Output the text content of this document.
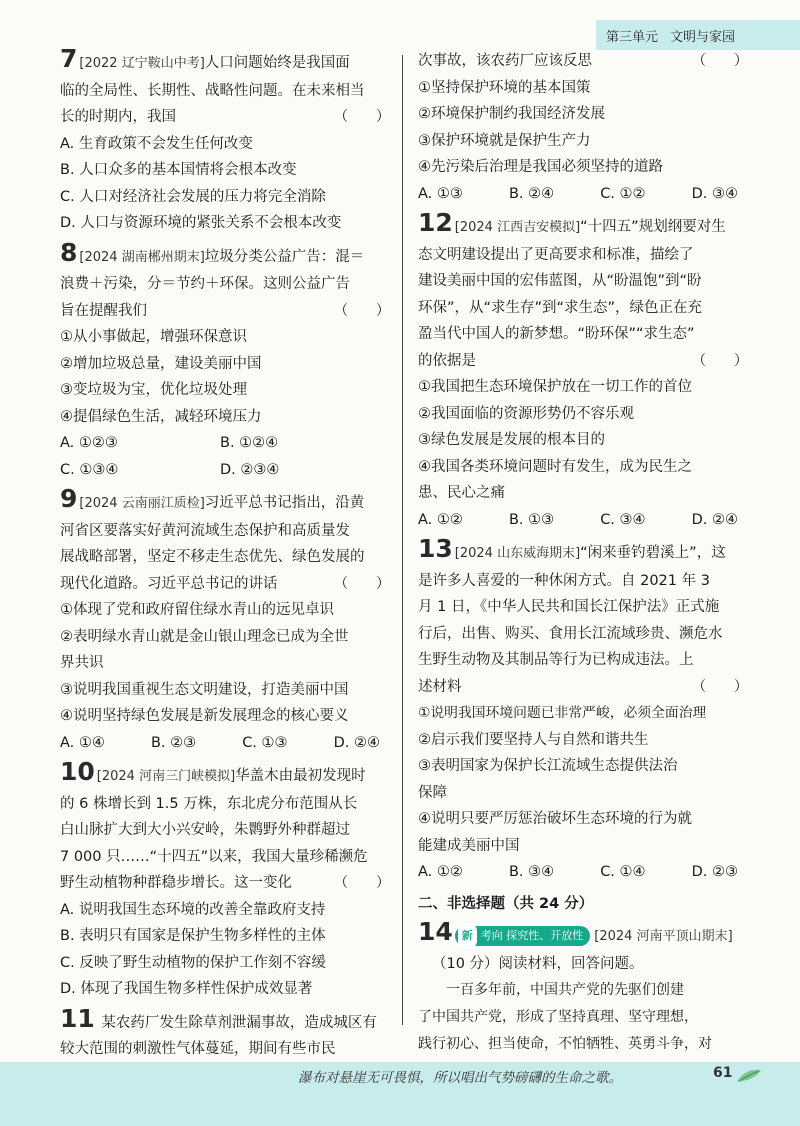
第三单元 文明与家园

7 [2022 辽宁鞍山中考]人口问题始终是我国面

临的全局性、长期性、战略性问题。在未来相当

长的时期内，我国	（　　）

A. 生育政策不会发生任何改变

B. 人口众多的基本国情将会根本改变

C. 人口对经济社会发展的压力将完全消除

D. 人口与资源环境的紧张关系不会根本改变

8 [2024 湖南郴州期末]垃圾分类公益广告：混＝

浪费＋污染，分＝节约＋环保。这则公益广告

旨在提醒我们	（　　）

①从小事做起，增强环保意识

②增加垃圾总量，建设美丽中国

③变垃圾为宝，优化垃圾处理

④提倡绿色生活，减轻环境压力

A. ①②③	B. ①②④
C. ①③④	D. ②③④

9 [2024 云南丽江质检]习近平总书记指出，沿黄

河省区要落实好黄河流域生态保护和高质量发

展战略部署，坚定不移走生态优先、绿色发展的

现代化道路。习近平总书记的讲话	（　　）

①体现了党和政府留住绿水青山的远见卓识

②表明绿水青山就是金山银山理念已成为全世

界共识

③说明我国重视生态文明建设，打造美丽中国

④说明坚持绿色发展是新发展理念的核心要义

A. ①④	B. ②③	C. ①③	D. ②④

10 [2024 河南三门峡模拟]华盖木由最初发现时

的 6 株增长到 1.5 万株，东北虎分布范围从长

白山脉扩大到大小兴安岭，朱鹮野外种群超过

7 000 只……“十四五”以来，我国大量珍稀濒危

野生动植物种群稳步增长。这一变化	（　　）

A. 说明我国生态环境的改善全靠政府支持

B. 表明只有国家是保护生物多样性的主体

C. 反映了野生动植物的保护工作刻不容缓

D. 体现了我国生物多样性保护成效显著

11 某农药厂发生除草剂泄漏事故，造成城区有

较大范围的刺激性气体蔓延，期间有些市民

次事故，该农药厂应该反思	（　　）

①坚持保护环境的基本国策

②环境保护制约我国经济发展

③保护环境就是保护生产力

④先污染后治理是我国必须坚持的道路

A. ①③	B. ②④	C. ①②	D. ③④

12 [2024 江西吉安模拟]“十四五”规划纲要对生

态文明建设提出了更高要求和标准，描绘了

建设美丽中国的宏伟蓝图，从“盼温饱”到“盼

环保”，从“求生存”到“求生态”，绿色正在充

盈当代中国人的新梦想。“盼环保”“求生态”

的依据是	（　　）

①我国把生态环境保护放在一切工作的首位

②我国面临的资源形势仍不容乐观

③绿色发展是发展的根本目的

④我国各类环境问题时有发生，成为民生之

患、民心之痛

A. ①②	B. ①③	C. ③④	D. ②④

13 [2024 山东威海期末]“闲来垂钓碧溪上”，这

是许多人喜爱的一种休闲方式。自 2021 年 3

月 1 日，《中华人民共和国长江保护法》正式施

行后，出售、购买、食用长江流域珍贵、濒危水

生野生动物及其制品等行为已构成违法。上

述材料	（　　）

①说明我国环境问题已非常严峻，必须全面治理

②启示我们要坚持人与自然和谐共生

③表明国家为保护长江流域生态提供法治

保障

④说明只要严厉惩治破坏生态环境的行为就

能建成美丽中国

A. ①②	B. ③④	C. ①④	D. ②③

二、非选择题（共 24 分）

14 新 考向
探究性、开放性 [2024 河南平顶山期末]

（10 分）阅读材料，回答问题。

一百多年前，中国共产党的先驱们创建

了中国共产党，形成了坚持真理、坚守理想，

践行初心、担当使命，不怕牺牲、英勇斗争，对

瀑布对悬崖无可畏惧，所以唱出气势磅礴的生命之歌。	61
